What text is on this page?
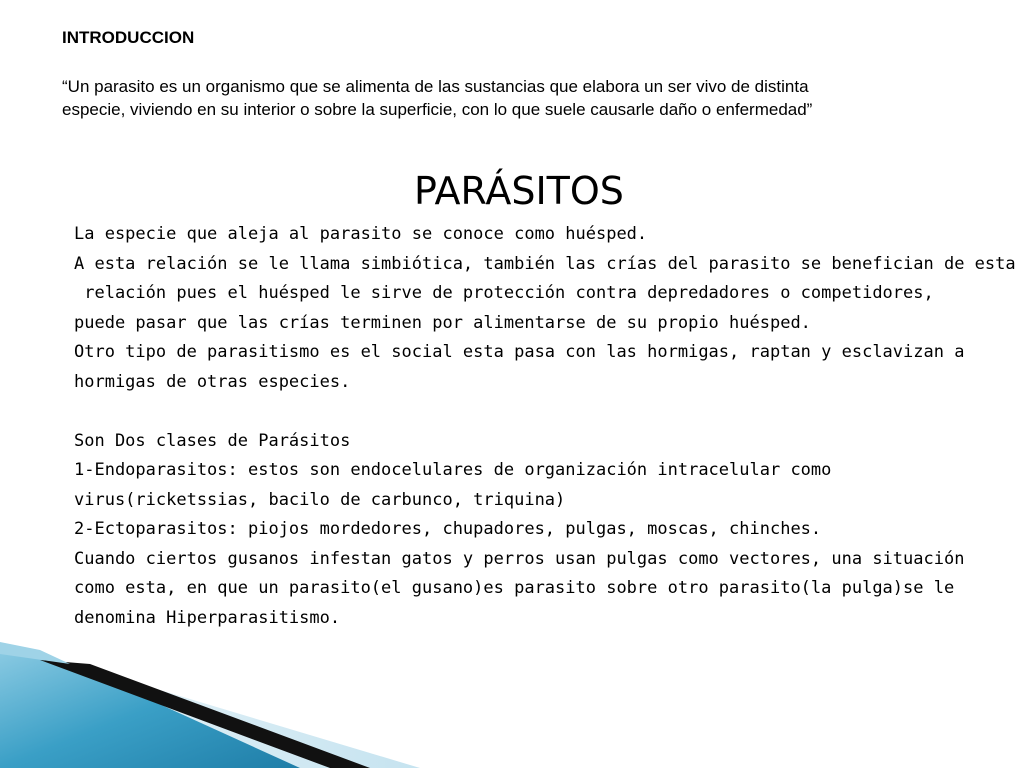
INTRODUCCION
“Un parasito es un organismo que se alimenta de las sustancias que elabora un ser vivo de distinta
especie, viviendo en su interior o sobre la superficie, con lo que suele causarle daño o enfermedad”
PARÁSITOS
La especie que aleja al parasito se conoce como huésped.
A esta relación se le llama simbiótica, también las crías del parasito se benefician de esta
relación pues el huésped le sirve de protección contra depredadores o competidores,
puede pasar que las crías terminen por alimentarse de su propio huésped.
Otro tipo de parasitismo es el social esta pasa con las hormigas, raptan y esclavizan a
hormigas de otras especies.
Son Dos clases de Parásitos
1-Endoparasitos: estos son endocelulares de organización intracelular como
virus(ricketssias, bacilo de carbunco, triquina)
2-Ectoparasitos: piojos mordedores, chupadores, pulgas, moscas, chinches.
Cuando ciertos gusanos infestan gatos y perros usan pulgas como vectores, una situación
como esta, en que un parasito(el gusano)es parasito sobre otro parasito(la pulga)se le
denomina Hiperparasitismo.
